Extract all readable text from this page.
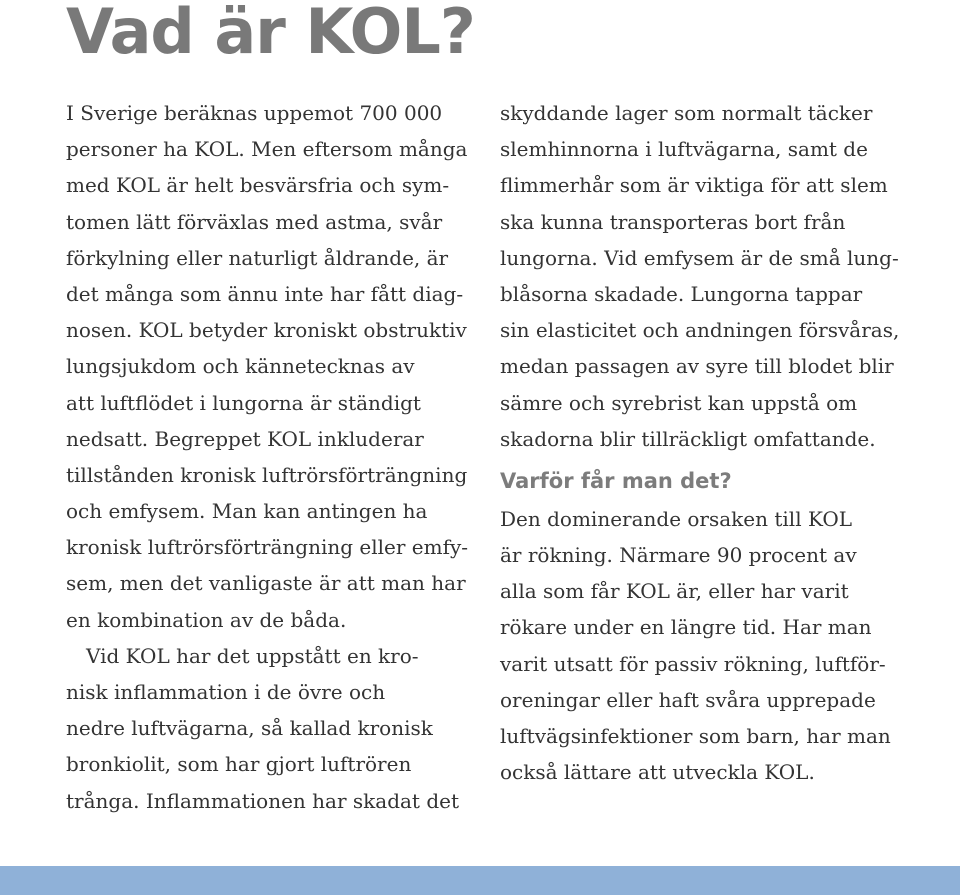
Vad är KOL?
I Sverige beräknas uppemot 700 000
personer ha KOL. Men eftersom många
med KOL är helt besvärsfria och sym-
tomen lätt förväxlas med astma, svår
förkylning eller naturligt åldrande, är
det många som ännu inte har fått diag-
nosen. KOL betyder kroniskt obstruktiv
lungsjukdom och kännetecknas av
att luftflödet i lungorna är ständigt
nedsatt. Begreppet KOL inkluderar
tillstånden kronisk luftrörsförträngning
och emfysem. Man kan antingen ha
kronisk luftrörsförträngning eller emfy-
sem, men det vanligaste är att man har
en kombination av de båda.
Vid KOL har det uppstått en kro-
nisk inflammation i de övre och
nedre luftvägarna, så kallad kronisk
bronkiolit, som har gjort luftrören
trånga. Inflammationen har skadat det
skyddande lager som normalt täcker
slemhinnorna i luftvägarna, samt de
flimmerhår som är viktiga för att slem
ska kunna transporteras bort från
lungorna. Vid emfysem är de små lung-
blåsorna skadade. Lungorna tappar
sin elasticitet och andningen försvåras,
medan passagen av syre till blodet blir
sämre och syrebrist kan uppstå om
skadorna blir tillräckligt omfattande.
Varför får man det?
Den dominerande orsaken till KOL
är rökning. Närmare 90 procent av
alla som får KOL är, eller har varit
rökare under en längre tid. Har man
varit utsatt för passiv rökning, luftför-
oreningar eller haft svåra upprepade
luftvägsinfektioner som barn, har man
också lättare att utveckla KOL.
